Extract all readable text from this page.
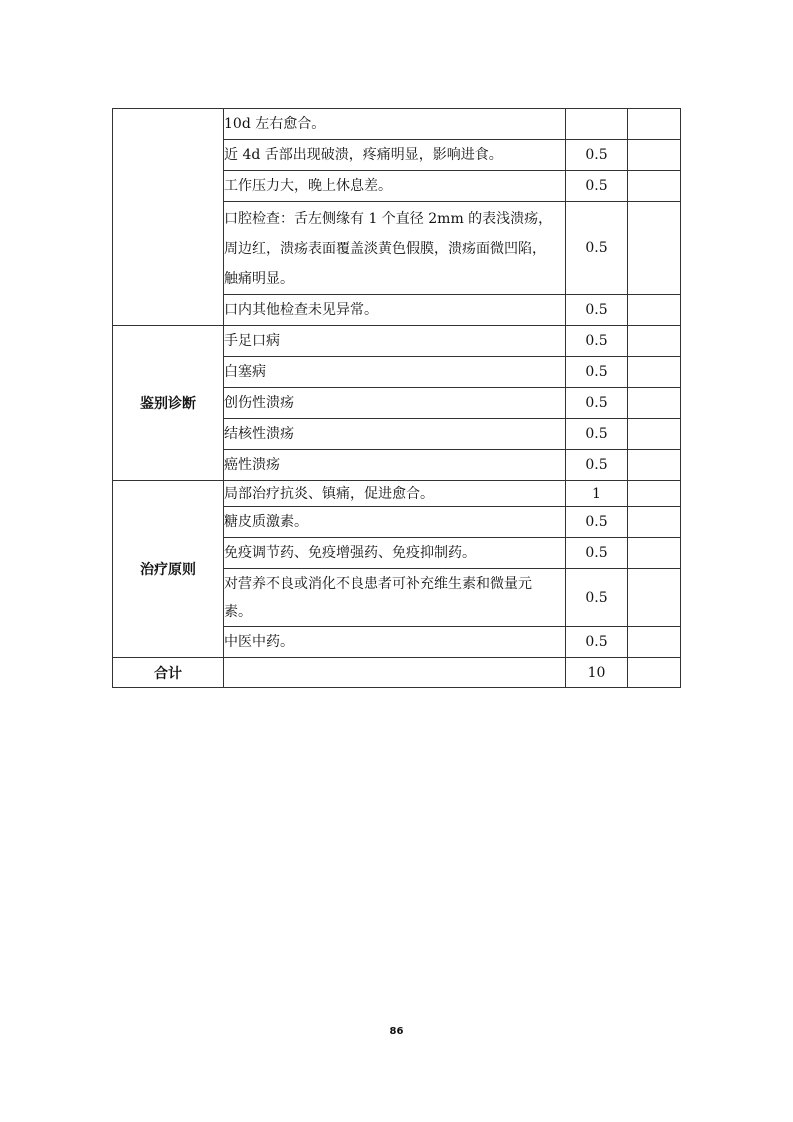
	10d 左右愈合。		
	近 4d 舌部出现破溃，疼痛明显，影响进食。	0.5	
	工作压力大，晚上休息差。	0.5	
	口腔检查：舌左侧缘有 1 个直径 2mm 的表浅溃疡，周边红，溃疡表面覆盖淡黄色假膜，溃疡面微凹陷，触痛明显。	0.5	
	口内其他检查未见异常。	0.5	
鉴别诊断	手足口病	0.5	
	白塞病	0.5	
	创伤性溃疡	0.5	
	结核性溃疡	0.5	
	癌性溃疡	0.5	
治疗原则	局部治疗抗炎、镇痛，促进愈合。	1	
	糖皮质激素。	0.5	
	免疫调节药、免疫增强药、免疫抑制药。	0.5	
	对营养不良或消化不良患者可补充维生素和微量元素。	0.5	
	中医中药。	0.5	
合计		10	
86
